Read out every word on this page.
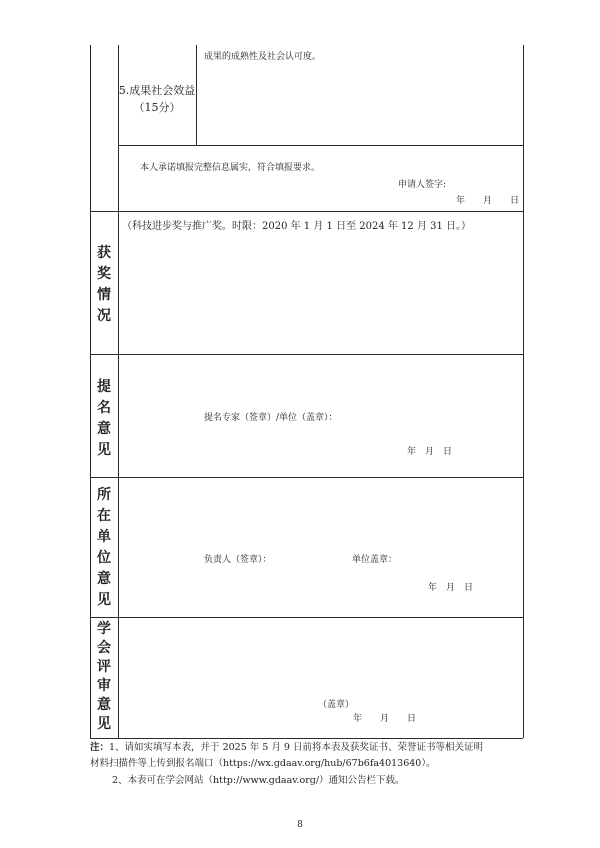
5.成果社会效益（15分）
成果的成熟性及社会认可度。
本人承诺填报完整信息属实，符合填报要求。
申请人签字:
年　　月　　日
获
奖
情
况
（科技进步奖与推广奖。时限：2020 年 1 月 1 日至 2024 年 12 月 31 日。）
提
名
意
见
提名专家（签章）/单位（盖章）：
年　月　日
所
在
单
位
意
见
负责人（签章）：	单位盖章：
年　月　日
学
会
评
审
意
见
（盖章）
年　　月　　日
注：1、请如实填写本表，并于 2025 年 5 月 9 日前将本表及获奖证书、荣誉证书等相关证明
材料扫描件等上传到报名端口（https://wx.gdaav.org/hub/67b6fa4013640）。
2、本表可在学会网站（http://www.gdaav.org/）通知公告栏下载。
8
